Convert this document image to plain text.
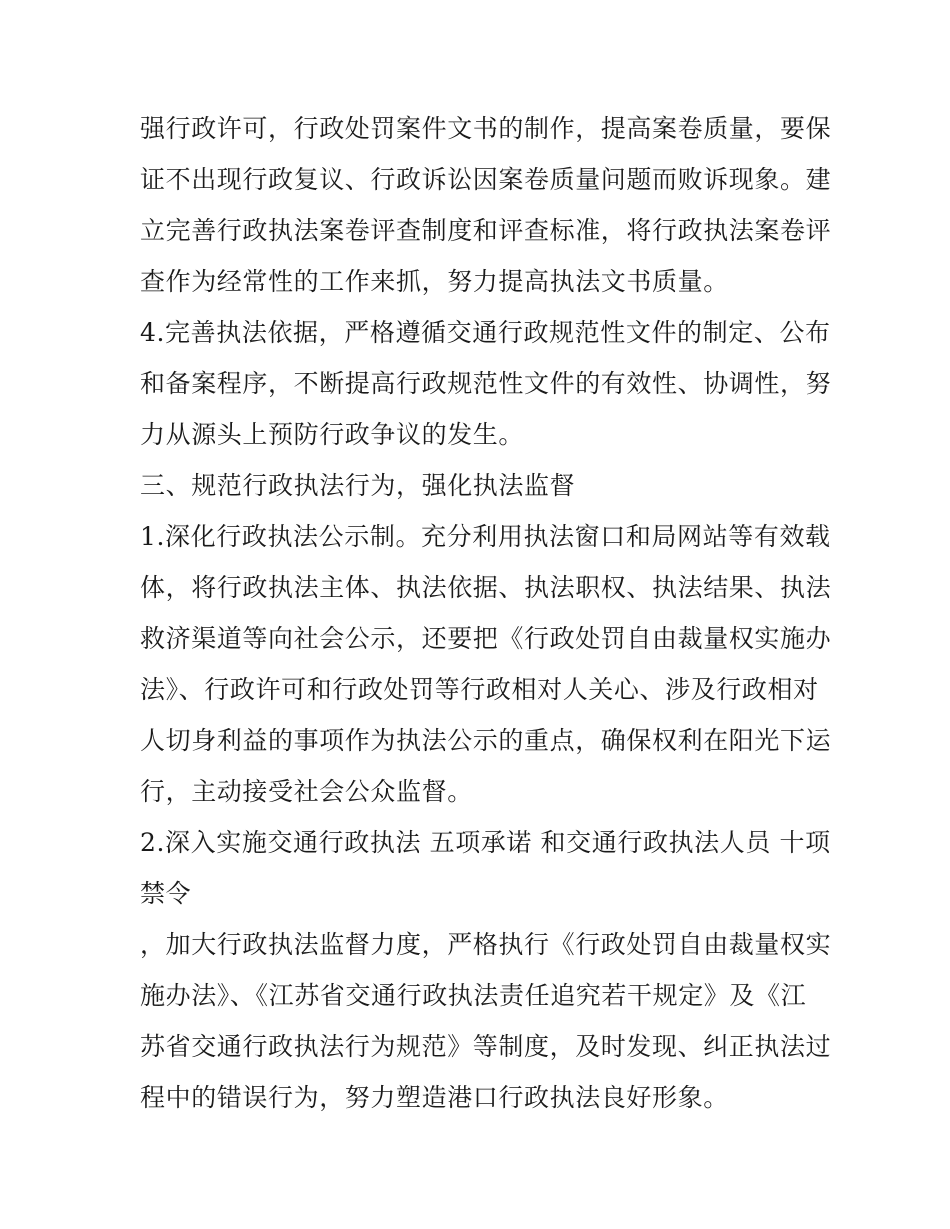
强行政许可，行政处罚案件文书的制作，提高案卷质量，要保
证不出现行政复议、行政诉讼因案卷质量问题而败诉现象。建
立完善行政执法案卷评查制度和评查标准，将行政执法案卷评
查作为经常性的工作来抓，努力提高执法文书质量。
4.完善执法依据，严格遵循交通行政规范性文件的制定、公布
和备案程序，不断提高行政规范性文件的有效性、协调性，努
力从源头上预防行政争议的发生。
三、规范行政执法行为，强化执法监督
1.深化行政执法公示制。充分利用执法窗口和局网站等有效载
体，将行政执法主体、执法依据、执法职权、执法结果、执法
救济渠道等向社会公示，还要把《行政处罚自由裁量权实施办
法》、行政许可和行政处罚等行政相对人关心、涉及行政相对
人切身利益的事项作为执法公示的重点，确保权利在阳光下运
行，主动接受社会公众监督。
2.深入实施交通行政执法 五项承诺 和交通行政执法人员 十项
禁令
，加大行政执法监督力度，严格执行《行政处罚自由裁量权实
施办法》、《江苏省交通行政执法责任追究若干规定》及《江
苏省交通行政执法行为规范》等制度，及时发现、纠正执法过
程中的错误行为，努力塑造港口行政执法良好形象。
